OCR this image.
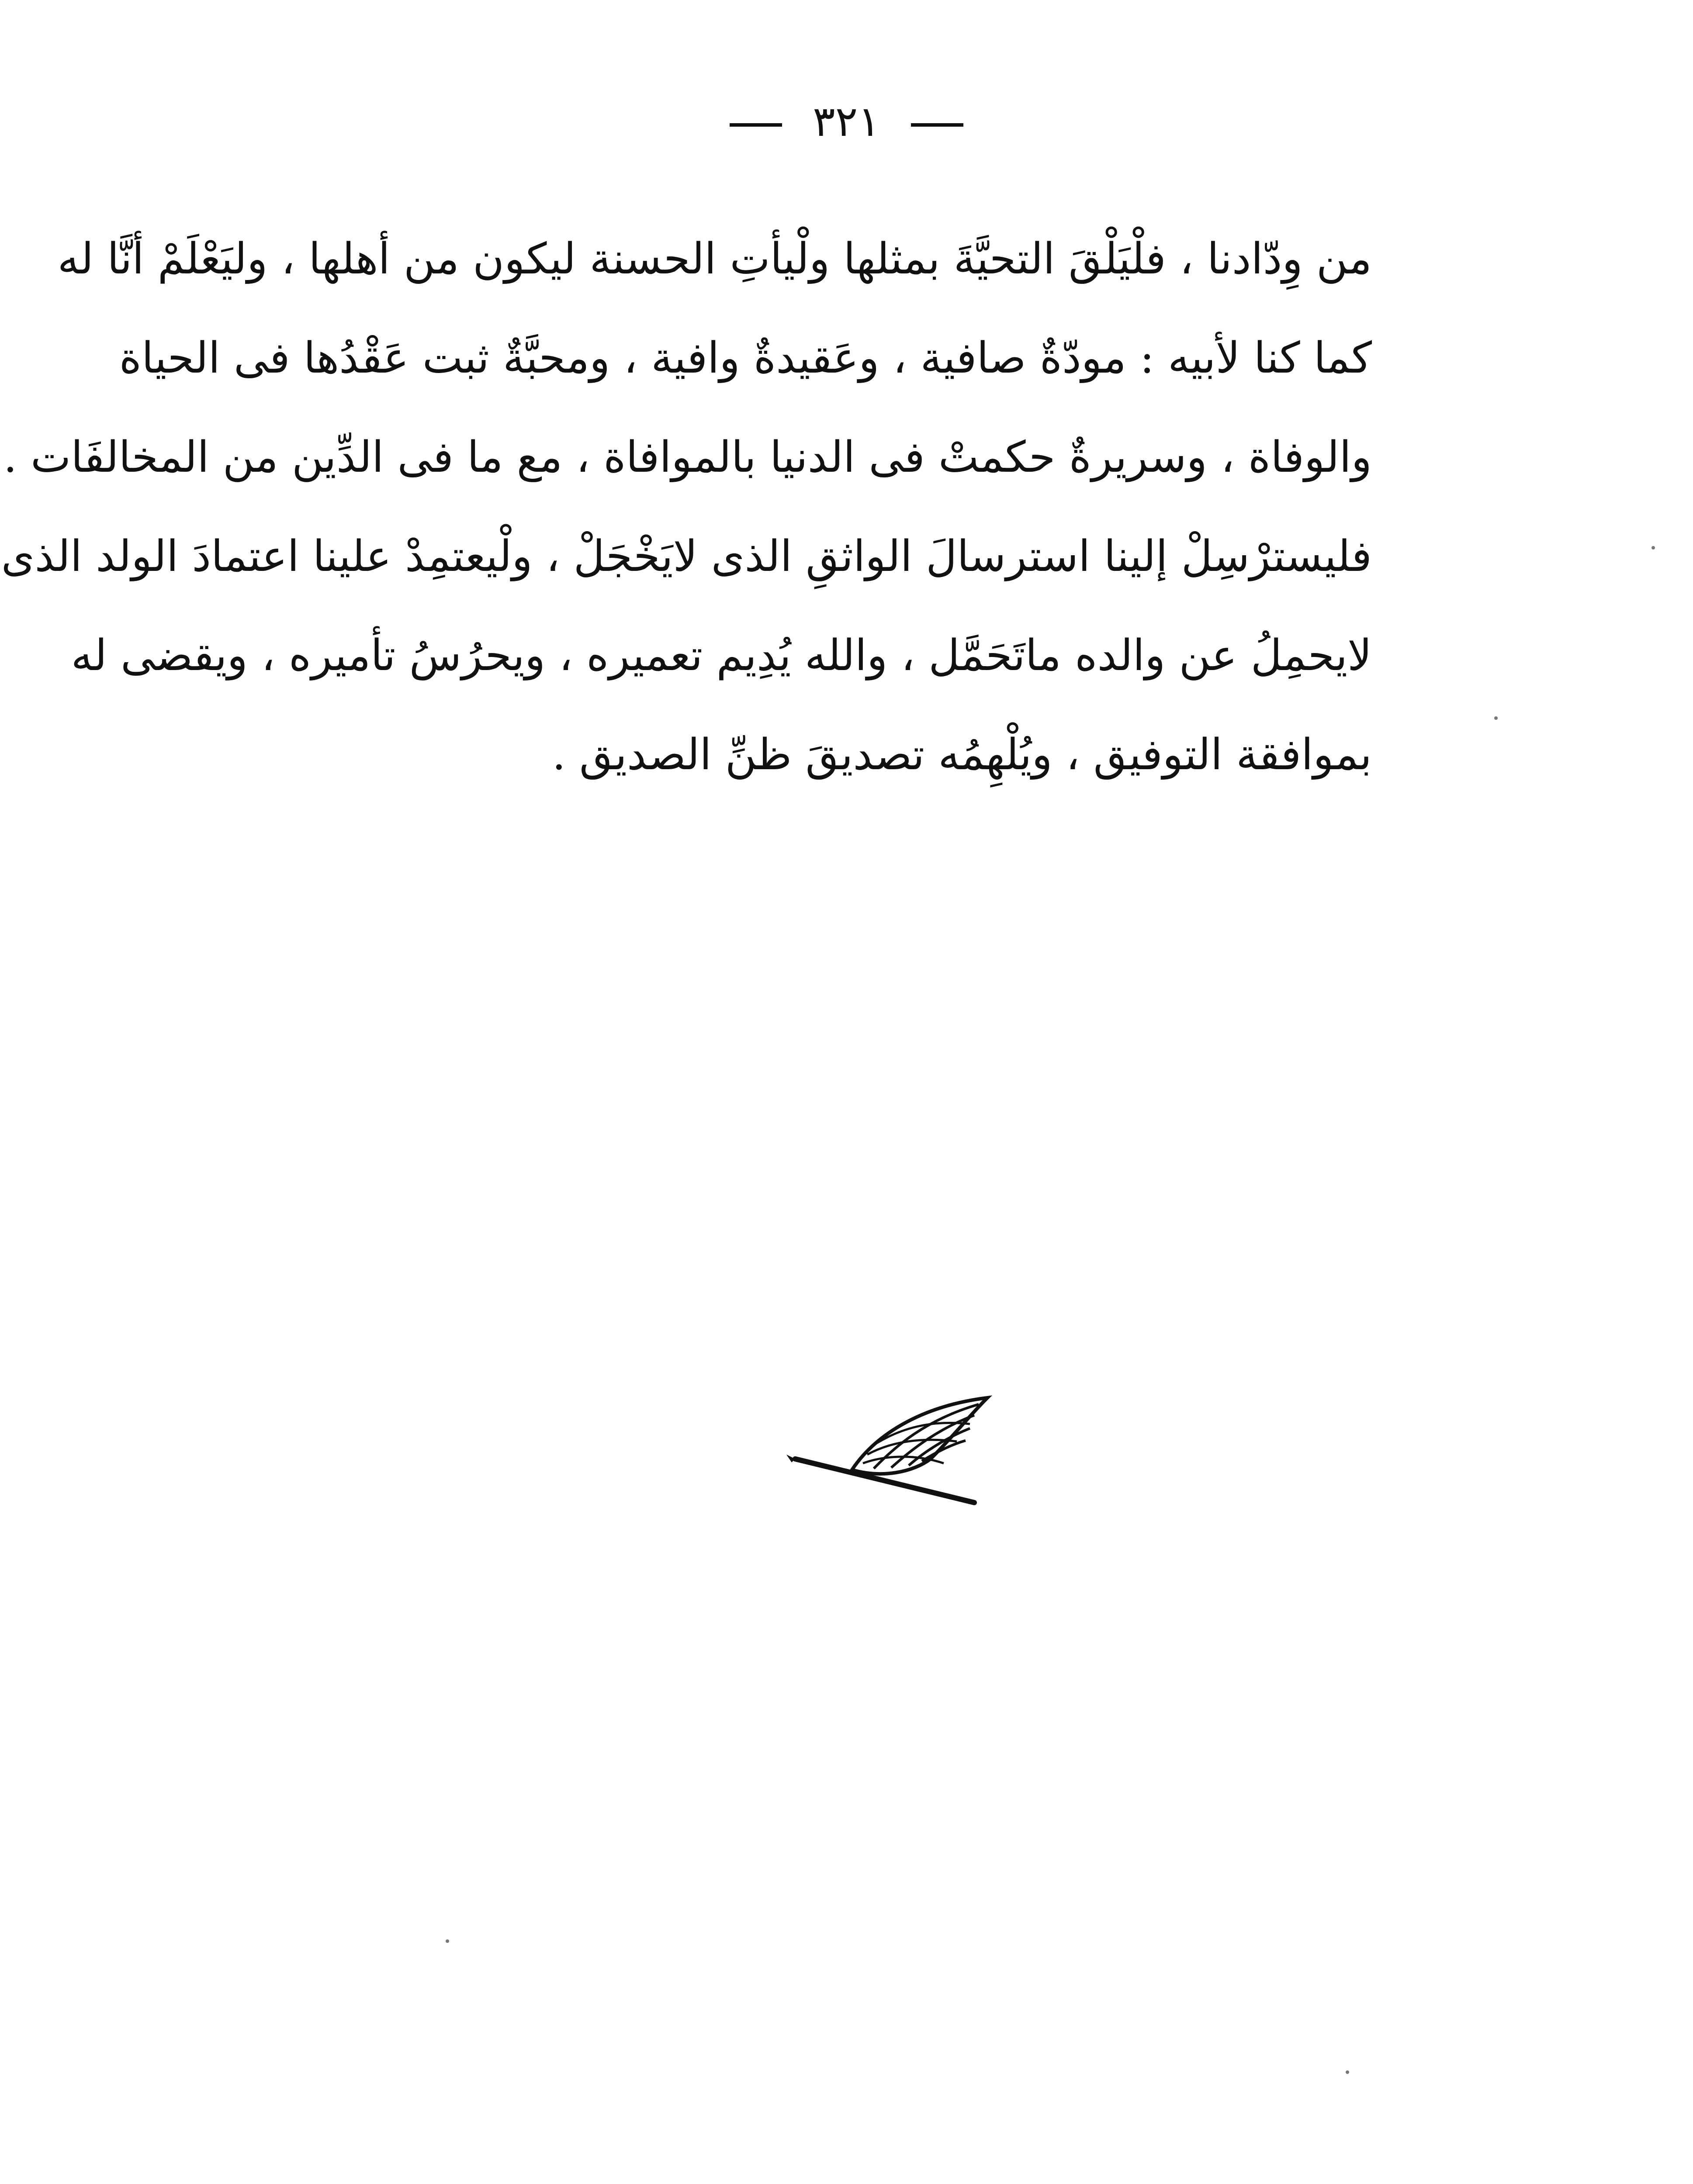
٣٢١
من وِدّادنا ، فلْيَلْقَ التحيَّةَ بمثلها ولْيأتِ الحسنة ليكون من أهلها ، وليَعْلَمْ أنَّا له
كما كنا لأبيه : مودّةٌ صافية ، وعَقيدةٌ وافية ، ومحبَّةٌ ثبت عَقْدُها فى الحياة
والوفاة ، وسريرةٌ حكمتْ فى الدنيا بالموافاة ، مع ما فى الدِّين من المخالفَات .
فليسترْسِلْ إلينا استرسالَ الواثقِ الذى لايَخْجَلْ ، ولْيعتمِدْ علينا اعتمادَ الولد الذى
لايحمِلُ عن والده ماتَحَمَّل ، والله يُدِيم تعميره ، ويحرُسُ تأميره ، ويقضى له
بموافقة التوفيق ، ويُلْهِمُه تصديقَ ظنِّ الصديق .
